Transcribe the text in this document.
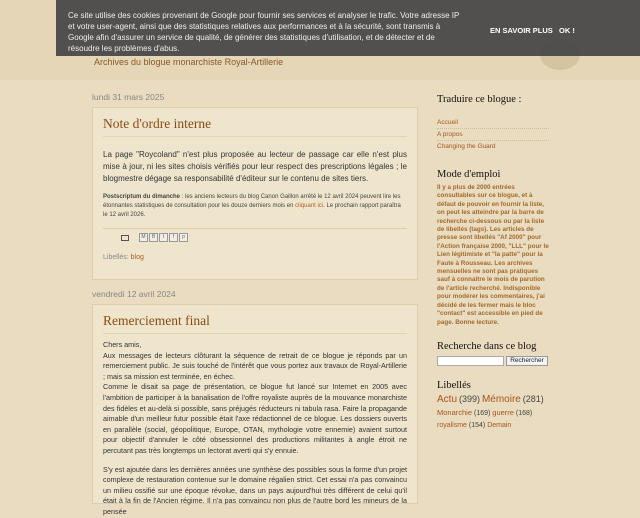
Archives du blogue monarchiste Royal-Artillerie
Ce site utilise des cookies provenant de Google pour fournir ses services et analyser le trafic. Votre adresse IP et votre user-agent, ainsi que des statistiques relatives aux performances et à la sécurité, sont transmis à Google afin d'assurer un service de qualité, de générer des statistiques d'utilisation, et de détecter et de résoudre les problèmes d'abus.
EN SAVOIR PLUS OK !
lundi 31 mars 2025
Note d'ordre interne
La page "Roycoland" n'est plus proposée au lecteur de passage car elle n'est plus mise à jour, ni les sites choisis vérifiés pour leur respect des prescriptions légales ; le blogmestre dégage sa responsabilité d'éditeur sur le contenu de sites tiers.
Postscriptum du dimanche : les anciens lecteurs du blog Canon Gaillon arrêté le 12 avril 2024 peuvent lire les étonnantes statistiques de consultation pour les douze derniers mois en cliquant ici. Le prochain rapport paraîtra le 12 avril 2026.
M	B	t	f	p
Libellés: blog
vendredi 12 avril 2024
Remerciement final
Chers amis,
Aux messages de lecteurs clôturant la séquence de retrait de ce blogue je réponds par un remerciement public. Je suis touché de l'intérêt que vous portez aux travaux de Royal-Artillerie ; mais sa mission est terminée, en échec.
Comme le disait sa page de présentation, ce blogue fut lancé sur Internet en 2005 avec l'ambition de participer à la banalisation de l'offre royaliste auprès de la mouvance monarchiste des fidèles et au-delà si possible, sans préjugés réducteurs ni tabula rasa. Faire la propagande aimable d'un meilleur futur possible était l'axe rédactionnel de ce blogue. Les dossiers ouverts en parallèle (social, géopolitique, Europe, OTAN, mythologie votre ennemie) avaient surtout pour objectif d'annuler le côté obsessionnel des productions militantes à angle étroit ne percutant pas très longtemps un lectorat averti qui s'y ennuie.
S'y est ajoutée dans les dernières années une synthèse des possibles sous la forme d'un projet complexe de restauration contenue sur le domaine régalien strict. Cet essai n'a pas convaincu un milieu ossifié sur une époque révolue, dans un pays aujourd'hui très différent de celui qu'il était à la fin de l'Ancien régime. Il n'a pas convaincu non plus de l'autre bord les mineurs de la pensée
Traduire ce blogue :
Accueil
A propos
Changing the Guard
Mode d'emploi
Il y a plus de 2000 entrées consultables sur ce blogue, et à défaut de pouvoir en fournir la liste, on peut les atteindre par la barre de recherche ci-dessous ou par la liste de libellés (tags). Les articles de presse sont libellés "Af 2000" pour l'Action française 2000, "LLL" pour le Lien légitimiste et "la patte" pour la Faute à Rousseau. Les archives mensuelles ne sont pas pratiques sauf à connaître le mois de parution de l'article recherché. Indisponible pour modérer les commentaires, j'ai décidé de les fermer mais le bloc "contact" est accessible en pied de page. Bonne lecture.
Recherche dans ce blog
Rechercher
Libellés
Actu (399) Mémoire (281) Monarchie (169) guerre (168) royalisme (154) Demain
